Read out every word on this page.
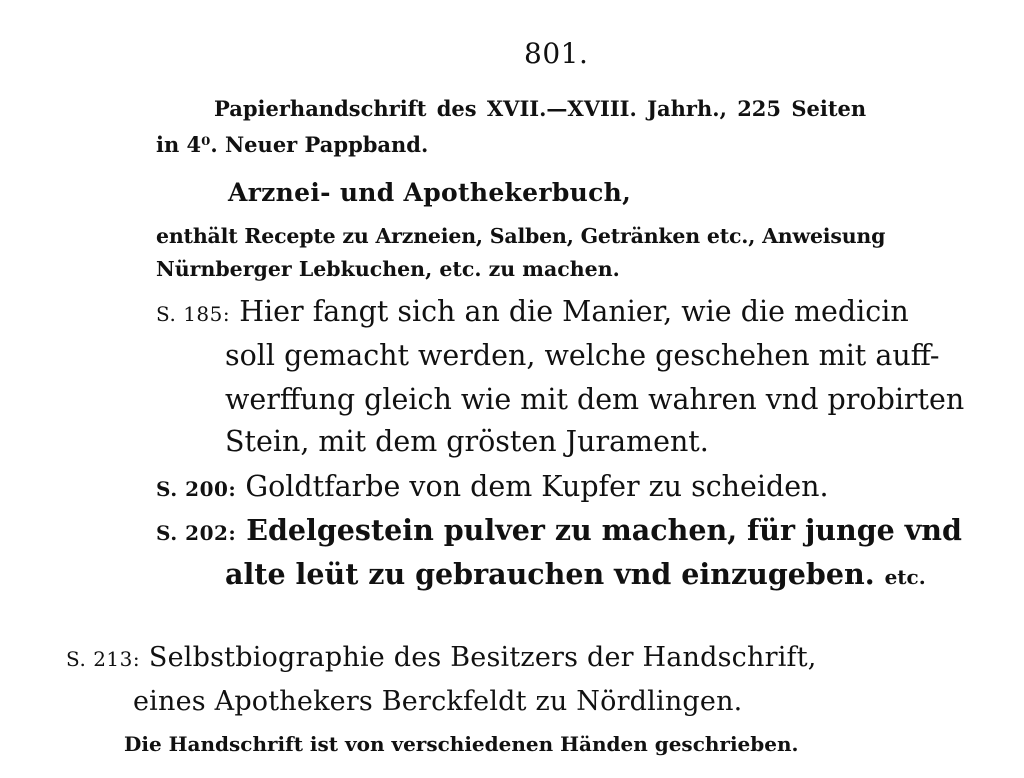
801.
Papierhandschrift des XVII.—XVIII. Jahrh., 225 Seiten
in 4⁰. Neuer Pappband.
Arznei- und Apothekerbuch,
enthält Recepte zu Arzneien, Salben, Getränken etc., Anweisung
Nürnberger Lebkuchen, etc. zu machen.
S. 185: Hier fangt sich an die Manier, wie die medicin
soll gemacht werden, welche geschehen mit auff-
werffung gleich wie mit dem wahren vnd probirten
Stein, mit dem grösten Jurament.
S. 200: Goldtfarbe von dem Kupfer zu scheiden.
S. 202: Edelgestein pulver zu machen, für junge vnd
alte leüt zu gebrauchen vnd einzugeben. etc.
S. 213: Selbstbiographie des Besitzers der Handschrift,
eines Apothekers Berckfeldt zu Nördlingen.
Die Handschrift ist von verschiedenen Händen geschrieben.
